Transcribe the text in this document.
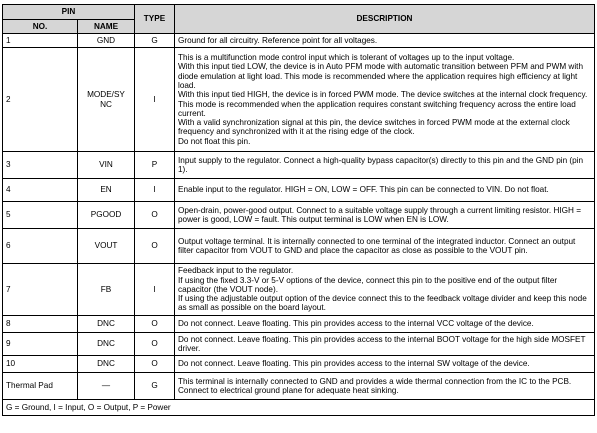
PIN		TYPE	DESCRIPTION
NO.	NAME		
1	GND	G	Ground for all circuitry. Reference point for all voltages.

2	MODE/SY NC	I	This is a multifunction mode control input which is tolerant of voltages up to the input voltage.
With this input tied LOW, the device is in Auto PFM mode with automatic transition between PFM and PWM with diode emulation at light load. This mode is recommended where the application requires high efficiency at light load.
With this input tied HIGH, the device is in forced PWM mode. The device switches at the internal clock frequency. This mode is recommended when the application requires constant switching frequency across the entire load current.
With a valid synchronization signal at this pin, the device switches in forced PWM mode at the external clock frequency and synchronized with it at the rising edge of the clock.
Do not float this pin.

3	VIN	P	Input supply to the regulator. Connect a high-quality bypass capacitor(s) directly to this pin and the GND pin (pin 1).

4	EN	I	Enable input to the regulator. HIGH = ON, LOW = OFF. This pin can be connected to VIN. Do not float.

5	PGOOD	O	Open-drain, power-good output. Connect to a suitable voltage supply through a current limiting resistor. HIGH = power is good, LOW = fault. This output terminal is LOW when EN is LOW.

6	VOUT	O	Output voltage terminal. It is internally connected to one terminal of the integrated inductor. Connect an output filter capacitor from VOUT to GND and place the capacitor as close as possible to the VOUT pin.

7	FB	I	Feedback input to the regulator.
If using the fixed 3.3-V or 5-V options of the device, connect this pin to the positive end of the output filter capacitor (the VOUT node).
If using the adjustable output option of the device connect this to the feedback voltage divider and keep this node as small as possible on the board layout.

8	DNC	O	Do not connect. Leave floating. This pin provides access to the internal VCC voltage of the device.

9	DNC	O	Do not connect. Leave floating. This pin provides access to the internal BOOT voltage for the high side MOSFET driver.

10	DNC	O	Do not connect. Leave floating. This pin provides access to the internal SW voltage of the device.

Thermal Pad	—	G	This terminal is internally connected to GND and provides a wide thermal connection from the IC to the PCB. Connect to electrical ground plane for adequate heat sinking.

G = Ground, I = Input, O = Output, P = Power			
